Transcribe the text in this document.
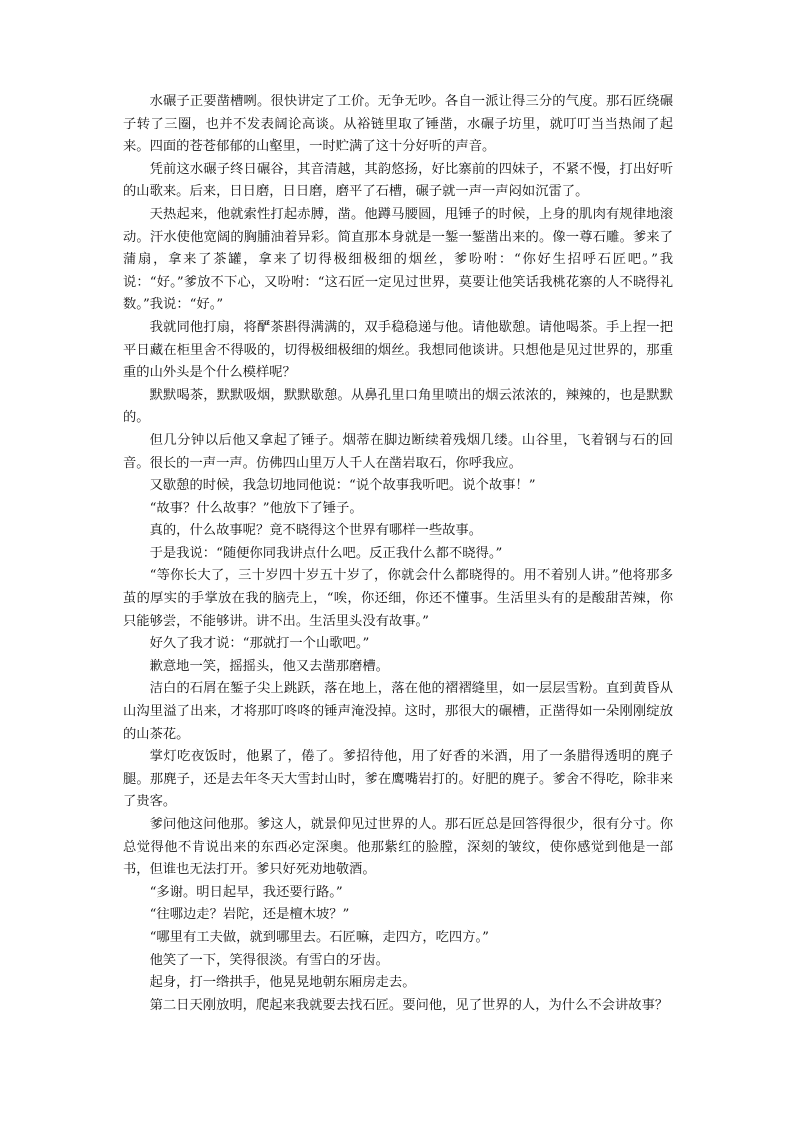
水碾子正要凿槽咧。很快讲定了工价。无争无吵。各自一派让得三分的气度。那石匠绕碾子转了三圈，也并不发表阔论高谈。从裕链里取了锤凿，水碾子坊里，就叮叮当当热闹了起来。四面的苍苍郁郁的山壑里，一时贮满了这十分好听的声音。

凭前这水碾子终日碾谷，其音清越，其韵悠扬，好比寨前的四妹子，不紧不慢，打出好听的山歌来。后来，日日磨，日日磨，磨平了石槽，碾子就一声一声闷如沉雷了。

天热起来，他就索性打起赤膊，凿。他蹲马腰圆，甩锤子的时候，上身的肌肉有规律地滚动。汗水使他宽阔的胸脯油着异彩。简直那本身就是一錾一錾凿出来的。像一尊石雕。爹来了蒲扇，拿来了茶罐，拿来了切得极细极细的烟丝，爹吩咐：“你好生招呼石匠吧。”我说：“好。”爹放不下心，又吩咐：“这石匠一定见过世界，莫要让他笑话我桃花寨的人不晓得礼数。”我说：“好。”

我就同他打扇，将酽茶斟得满满的，双手稳稳递与他。请他歇憩。请他喝茶。手上捏一把平日藏在柜里舍不得吸的，切得极细极细的烟丝。我想同他谈讲。只想他是见过世界的，那重重的山外头是个什么模样呢？

默默喝茶，默默吸烟，默默歇憩。从鼻孔里口角里喷出的烟云浓浓的，辣辣的，也是默默的。

但几分钟以后他又拿起了锤子。烟蒂在脚边断续着残烟几缕。山谷里，飞着钢与石的回音。很长的一声一声。仿佛四山里万人千人在凿岩取石，你呼我应。

又歇憩的时候，我急切地同他说：“说个故事我听吧。说个故事！”

“故事？什么故事？”他放下了锤子。

真的，什么故事呢？竟不晓得这个世界有哪样一些故事。

于是我说：“随便你同我讲点什么吧。反正我什么都不晓得。”

“等你长大了，三十岁四十岁五十岁了，你就会什么都晓得的。用不着别人讲。”他将那多茧的厚实的手掌放在我的脑壳上，“唉，你还细，你还不懂事。生活里头有的是酸甜苦辣，你只能够尝，不能够讲。讲不出。生活里头没有故事。”

好久了我才说：“那就打一个山歌吧。”

歉意地一笑，摇摇头，他又去凿那磨槽。

洁白的石屑在錾子尖上跳跃，落在地上，落在他的褶褶缝里，如一层层雪粉。直到黄昏从山沟里溢了出来，才将那叮咚咚的锤声淹没掉。这时，那很大的碾槽，正凿得如一朵刚刚绽放的山茶花。

掌灯吃夜饭时，他累了，倦了。爹招待他，用了好香的米酒，用了一条腊得透明的麂子腿。那麂子，还是去年冬天大雪封山时，爹在鹰嘴岩打的。好肥的麂子。爹舍不得吃，除非来了贵客。

爹问他这问他那。爹这人，就景仰见过世界的人。那石匠总是回答得很少，很有分寸。你总觉得他不肯说出来的东西必定深奥。他那紫红的脸膛，深刻的皱纹，使你感觉到他是一部书，但谁也无法打开。爹只好死劝地敬酒。

“多谢。明日起早，我还要行路。”

“往哪边走？岩陀，还是檀木坡？”

“哪里有工夫做，就到哪里去。石匠嘛，走四方，吃四方。”

他笑了一下，笑得很淡。有雪白的牙齿。

起身，打一绺拱手，他晃晃地朝东厢房走去。

第二日天刚放明，爬起来我就要去找石匠。要问他，见了世界的人，为什么不会讲故事？
